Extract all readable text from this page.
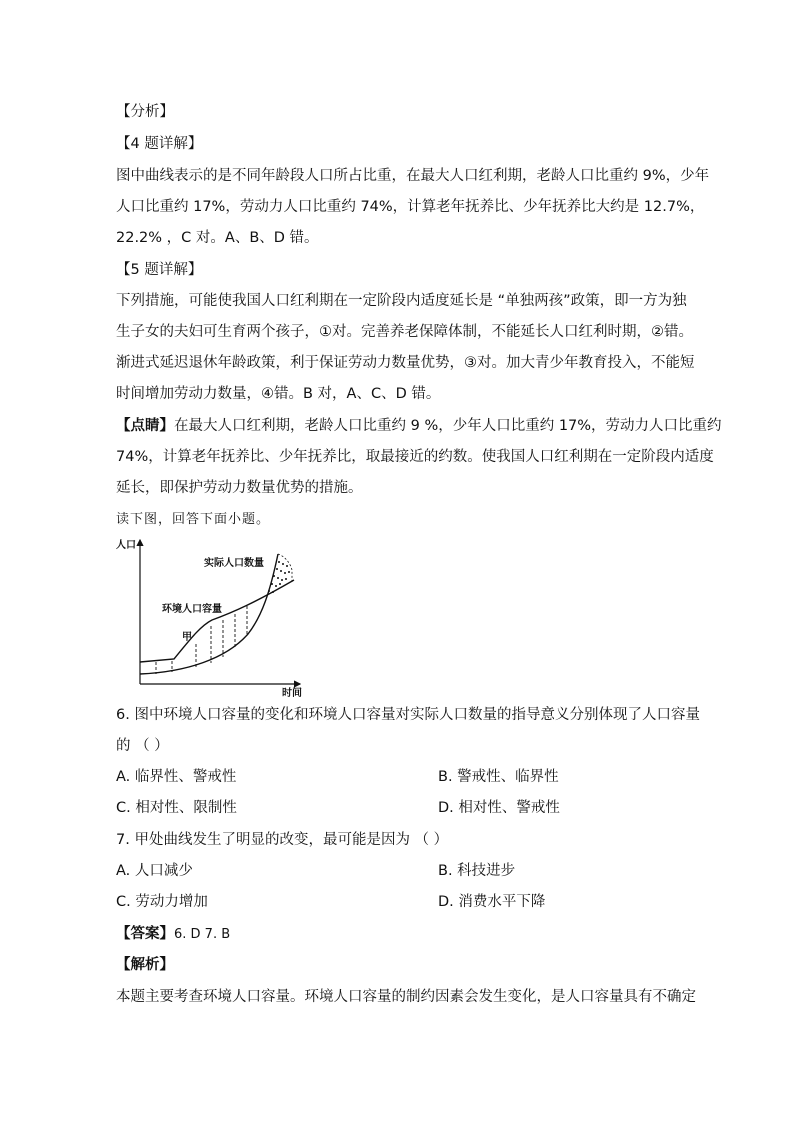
【分析】
【4 题详解】
图中曲线表示的是不同年龄段人口所占比重，在最大人口红利期，老龄人口比重约 9%，少年
人口比重约 17%，劳动力人口比重约 74%，计算老年抚养比、少年抚养比大约是 12.7%，
22.2% ，C 对。A、B、D 错。
【5 题详解】
下列措施，可能使我国人口红利期在一定阶段内适度延长是 “单独两孩”政策，即一方为独
生子女的夫妇可生育两个孩子，①对。完善养老保障体制，不能延长人口红利时期，②错。
渐进式延迟退休年龄政策，利于保证劳动力数量优势，③对。加大青少年教育投入，不能短
时间增加劳动力数量，④错。B 对，A、C、D 错。
【点睛】在最大人口红利期，老龄人口比重约 9 %，少年人口比重约 17%，劳动力人口比重约
74%，计算老年抚养比、少年抚养比，取最接近的约数。使我国人口红利期在一定阶段内适度
延长，即保护劳动力数量优势的措施。
读下图，回答下面小题。
人口
时间
实际人口数量
环境人口容量
甲
6. 图中环境人口容量的变化和环境人口容量对实际人口数量的指导意义分别体现了人口容量
的 （ ）
A. 临界性、警戒性	B. 警戒性、临界性
C. 相对性、限制性	D. 相对性、警戒性
7. 甲处曲线发生了明显的改变，最可能是因为 （ ）
A. 人口减少	B. 科技进步
C. 劳动力增加	D. 消费水平下降
【答案】6. D 7. B
【解析】
本题主要考查环境人口容量。环境人口容量的制约因素会发生变化，是人口容量具有不确定
